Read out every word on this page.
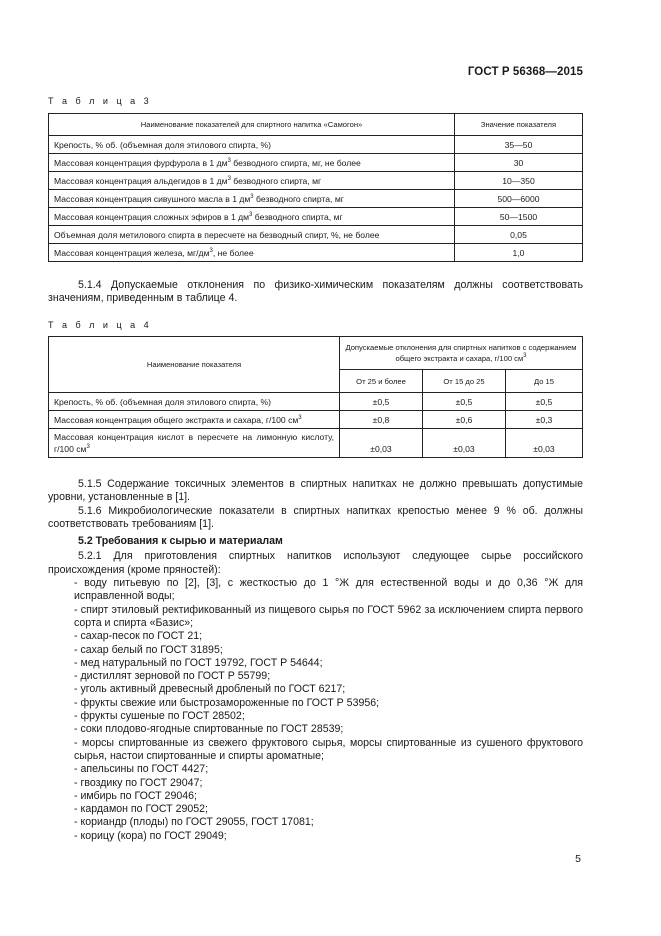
ГОСТ Р 56368—2015
Т а б л и ц а 3
Наименование показателей для спиртного напитка «Самогон»	Значение показателя
Крепость, % об. (объемная доля этилового спирта, %)	35—50
Массовая концентрация фурфурола в 1 $дм^3$ безводного спирта, мг, не более	30
Массовая концентрация альдегидов в 1 $дм^3$ безводного спирта, мг	10—350
Массовая концентрация сивушного масла в 1 $дм^3$ безводного спирта, мг	500—6000
Массовая концентрация сложных эфиров в 1 $дм^3$ безводного спирта, мг	50—1500
Объемная доля метилового спирта в пересчете на безводный спирт, %, не более	0,05
Массовая концентрация железа, $мг/дм^3$, не более	1,0

5.1.4 Допускаемые отклонения по физико-химическим показателям должны соответствовать значениям, приведенным в таблице 4.

Т а б л и ц а 4
Наименование показателя	Допускаемые отклонения для спиртных напитков с содержанием общего экстракта и сахара, г/100 $см^3$
	От 25 и более	От 15 до 25	До 15
Крепость, % об. (объемная доля этилового спирта, %)	±0,5	±0,5	±0,5
Массовая концентрация общего экстракта и сахара, г/100 $см^3$	±0,8	±0,6	±0,3
Массовая концентрация кислот в пересчете на лимонную кислоту, г/100 $см^3$	±0,03	±0,03	±0,03

5.1.5 Содержание токсичных элементов в спиртных напитках не должно превышать допустимые уровни, установленные в [1].

5.1.6 Микробиологические показатели в спиртных напитках крепостью менее 9 % об. должны соответствовать требованиям [1].

5.2 Требования к сырью и материалам

5.2.1 Для приготовления спиртных напитков используют следующее сырье российского происхождения (кроме пряностей):

- воду питьевую по [2], [3], с жесткостью до 1 °Ж для естественной воды и до 0,36 °Ж для исправленной воды;

- спирт этиловый ректификованный из пищевого сырья по ГОСТ 5962 за исключением спирта первого сорта и спирта «Базис»;

- сахар-песок по ГОСТ 21;

- сахар белый по ГОСТ 31895;

- мед натуральный по ГОСТ 19792, ГОСТ Р 54644;

- дистиллят зерновой по ГОСТ Р 55799;

- уголь активный древесный дробленый по ГОСТ 6217;

- фрукты свежие или быстрозамороженные по ГОСТ Р 53956;

- фрукты сушеные по ГОСТ 28502;

- соки плодово-ягодные спиртованные по ГОСТ 28539;

- морсы спиртованные из свежего фруктового сырья, морсы спиртованные из сушеного фруктового сырья, настои спиртованные и спирты ароматные;

- апельсины по ГОСТ 4427;

- гвоздику по ГОСТ 29047;

- имбирь по ГОСТ 29046;

- кардамон по ГОСТ 29052;

- кориандр (плоды) по ГОСТ 29055, ГОСТ 17081;

- корицу (кора) по ГОСТ 29049;

5
